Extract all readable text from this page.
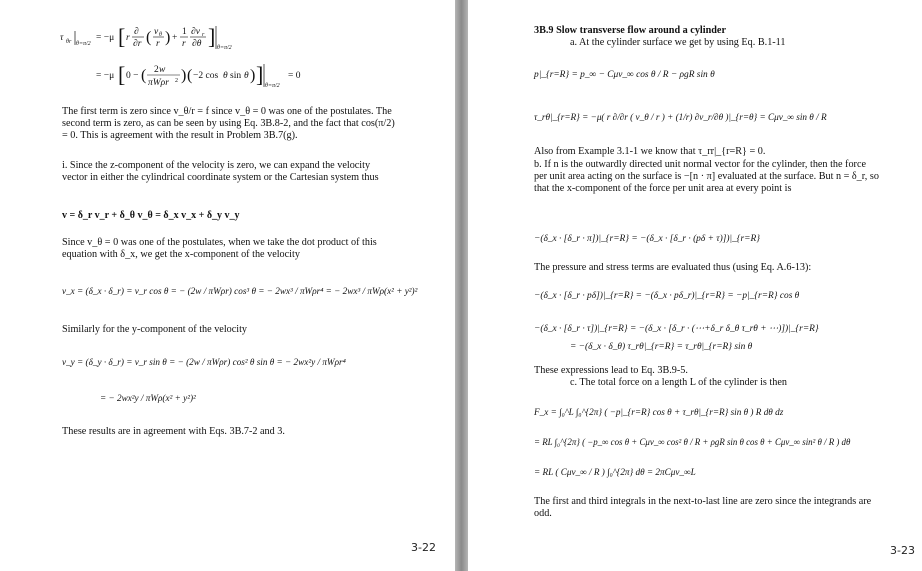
τ θr θ=π/2
= −μ [ r
∂
∂r ( v θ
r ) +
1
r
∂v r
∂θ ] θ=π/2
= −μ [ 0 − ( 2 w
πWρr 2 ) ( −2 cos θ sin θ ) ] θ=π/2
= 0
The first term is zero since v_θ/r = f since v_θ = 0 was one of the postulates. The second term is zero, as can be seen by using Eq. 3B.8-2, and the fact that cos(π/2) = 0. This is agreement with the result in Problem 3B.7(g).
i. Since the z-component of the velocity is zero, we can expand the velocity vector in either the cylindrical coordinate system or the Cartesian system thus
v = δ_r v_r + δ_θ v_θ = δ_x v_x + δ_y v_y
Since v_θ = 0 was one of the postulates, when we take the dot product of this equation with δ_x, we get the x-component of the velocity
v_x = (δ_x · δ_r) = v_r cos θ = − (2w / πWρr) cos³ θ = − 2wx³ / πWρr⁴ = − 2wx³ / πWρ(x² + y²)²
Similarly for the y-component of the velocity
v_y = (δ_y · δ_r) = v_r sin θ = − (2w / πWρr) cos² θ sin θ = − 2wx²y / πWρr⁴
= − 2wx²y / πWρ(x² + y²)²
These results are in agreement with Eqs. 3B.7-2 and 3.
3-22
3B.9 Slow transverse flow around a cylinder
a. At the cylinder surface we get by using Eq. B.1-11
p|_{r=R} = p_∞ − Cμv_∞ cos θ / R − ρgR sin θ
τ_rθ|_{r=R} = −μ( r ∂/∂r ( v_θ / r ) + (1/r) ∂v_r/∂θ )|_{r=θ} = Cμv_∞ sin θ / R
Also from Example 3.1-1 we know that τ_rr|_{r=R} = 0.
b. If n is the outwardly directed unit normal vector for the cylinder, then the force per unit area acting on the surface is −[n · π] evaluated at the surface. But n = δ_r, so that the x-component of the force per unit area at every point is
−(δ_x · [δ_r · π])|_{r=R} = −(δ_x · [δ_r · (pδ + τ)])|_{r=R}
The pressure and stress terms are evaluated thus (using Eq. A.6-13):
−(δ_x · [δ_r · pδ])|_{r=R} = −(δ_x · pδ_r)|_{r=R} = −p|_{r=R} cos θ
−(δ_x · [δ_r · τ])|_{r=R} = −(δ_x · [δ_r · (⋯+δ_r δ_θ τ_rθ + ⋯)])|_{r=R}
= −(δ_x · δ_θ) τ_rθ|_{r=R} = τ_rθ|_{r=R} sin θ
These expressions lead to Eq. 3B.9-5.
c. The total force on a length L of the cylinder is then
F_x = ∫₀^L ∫₀^{2π} ( −p|_{r=R} cos θ + τ_rθ|_{r=R} sin θ ) R dθ dz
= RL ∫₀^{2π} ( −p_∞ cos θ + Cμv_∞ cos² θ / R + ρgR sin θ cos θ + Cμv_∞ sin² θ / R ) dθ
= RL ( Cμv_∞ / R ) ∫₀^{2π} dθ = 2πCμv_∞L
The first and third integrals in the next-to-last line are zero since the integrands are odd.
3-23
